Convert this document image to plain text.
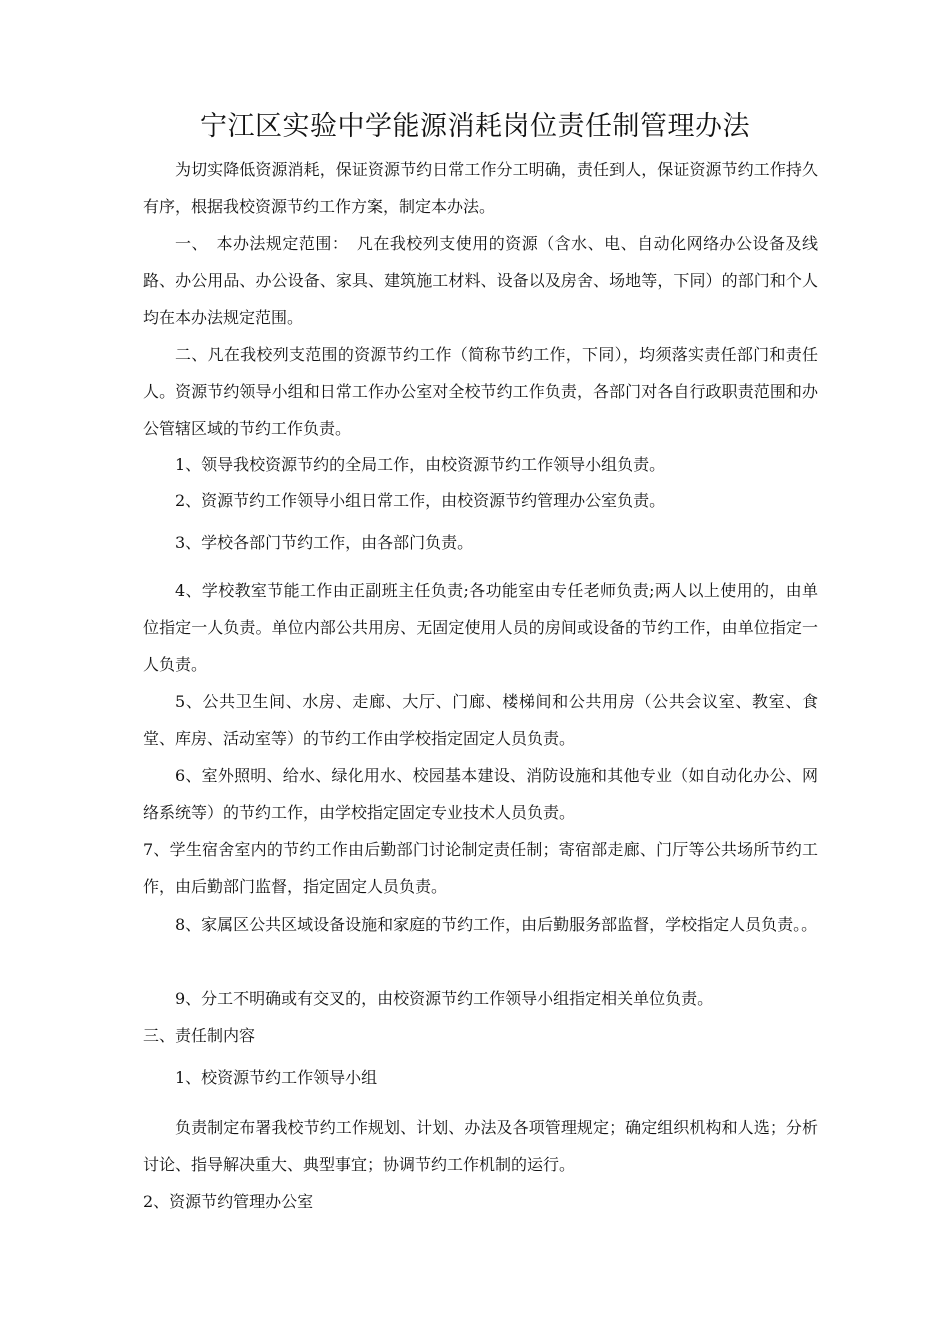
宁江区实验中学能源消耗岗位责任制管理办法

为切实降低资源消耗，保证资源节约日常工作分工明确，责任到人，保证资源节约工作持久有序，根据我校资源节约工作方案，制定本办法。

一、　本办法规定范围：　凡在我校列支使用的资源（含水、电、自动化网络办公设备及线路、办公用品、办公设备、家具、建筑施工材料、设备以及房舍、场地等，下同）的部门和个人均在本办法规定范围。

二、凡在我校列支范围的资源节约工作（简称节约工作，下同），均须落实责任部门和责任人。资源节约领导小组和日常工作办公室对全校节约工作负责，各部门对各自行政职责范围和办公管辖区域的节约工作负责。

1、领导我校资源节约的全局工作，由校资源节约工作领导小组负责。

2、资源节约工作领导小组日常工作，由校资源节约管理办公室负责。

3、学校各部门节约工作，由各部门负责。

4、学校教室节能工作由正副班主任负责;各功能室由专任老师负责;两人以上使用的，由单位指定一人负责。单位内部公共用房、无固定使用人员的房间或设备的节约工作，由单位指定一人负责。

5、公共卫生间、水房、走廊、大厅、门廊、楼梯间和公共用房（公共会议室、教室、食堂、库房、活动室等）的节约工作由学校指定固定人员负责。

6、室外照明、给水、绿化用水、校园基本建设、消防设施和其他专业（如自动化办公、网络系统等）的节约工作，由学校指定固定专业技术人员负责。

7、学生宿舍室内的节约工作由后勤部门讨论制定责任制；寄宿部走廊、门厅等公共场所节约工作，由后勤部门监督，指定固定人员负责。

8、家属区公共区域设备设施和家庭的节约工作，由后勤服务部监督，学校指定人员负责。。

9、分工不明确或有交叉的，由校资源节约工作领导小组指定相关单位负责。

三、责任制内容

1、校资源节约工作领导小组

负责制定布署我校节约工作规划、计划、办法及各项管理规定；确定组织机构和人选；分析讨论、指导解决重大、典型事宜；协调节约工作机制的运行。

2、资源节约管理办公室
